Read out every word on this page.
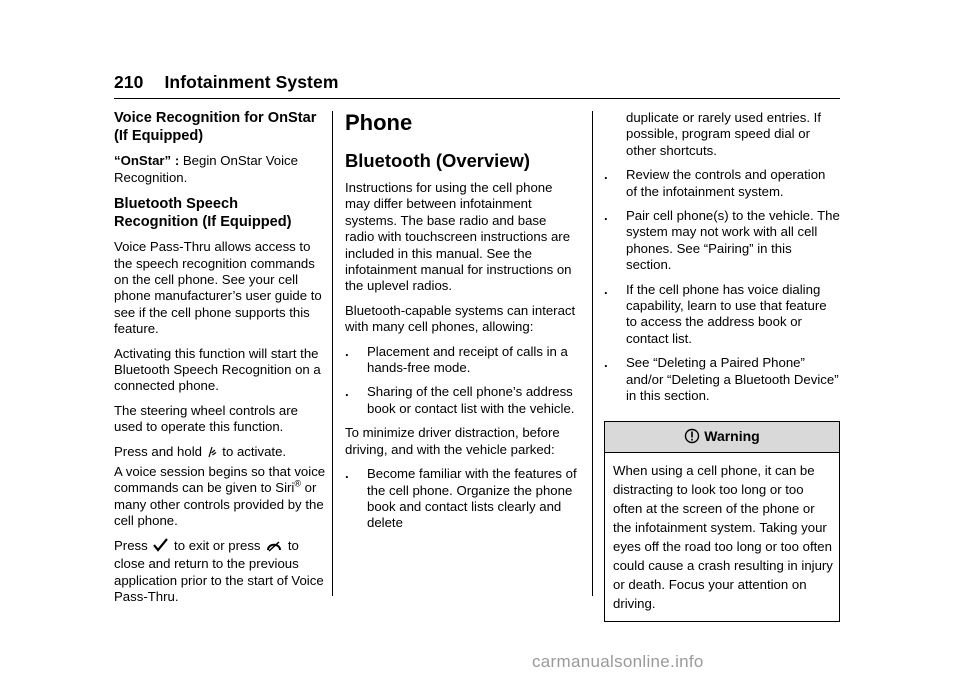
210 Infotainment System
Voice Recognition for OnStar (If Equipped)

“OnStar” : Begin OnStar Voice Recognition.

Bluetooth Speech Recognition (If Equipped)

Voice Pass-Thru allows access to the speech recognition commands on the cell phone. See your cell phone manufacturer’s user guide to see if the cell phone supports this feature.

Activating this function will start the Bluetooth Speech Recognition on a connected phone.

The steering wheel controls are used to operate this function.

Press and hold  to activate.

A voice session begins so that voice commands can be given to Siri® or many other controls provided by the cell phone.

Press  to exit or press  to close and return to the previous application prior to the start of Voice Pass-Thru.

Phone
Bluetooth (Overview)

Instructions for using the cell phone may differ between infotainment systems. The base radio and base radio with touchscreen instructions are included in this manual. See the infotainment manual for instructions on the uplevel radios.

Bluetooth-capable systems can interact with many cell phones, allowing:

.	Placement and receipt of calls in a hands-free mode.
.	Sharing of the cell phone’s address book or contact list with the vehicle.

To minimize driver distraction, before driving, and with the vehicle parked:

.	Become familiar with the features of the cell phone. Organize the phone book and contact lists clearly and delete
duplicate or rarely used entries. If possible, program speed dial or other shortcuts.
.	Review the controls and operation of the infotainment system.
.	Pair cell phone(s) to the vehicle. The system may not work with all cell phones. See “Pairing” in this section.
.	If the cell phone has voice dialing capability, learn to use that feature to access the address book or contact list.
.	See “Deleting a Paired Phone” and/or “Deleting a Bluetooth Device” in this section.
Warning
When using a cell phone, it can be distracting to look too long or too often at the screen of the phone or the infotainment system. Taking your eyes off the road too long or too often could cause a crash resulting in injury or death. Focus your attention on driving.
carmanualsonline.info
